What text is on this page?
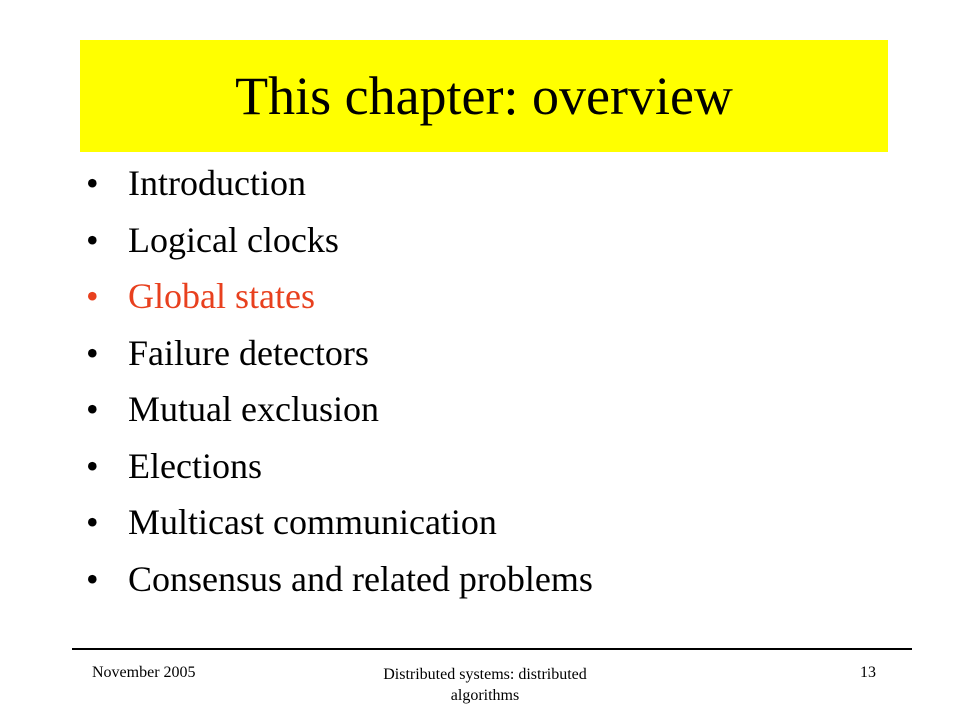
This chapter: overview
• Introduction
• Logical clocks
• Global states
• Failure detectors
• Mutual exclusion
• Elections
• Multicast communication
• Consensus and related problems
November 2005	Distributed systems: distributed algorithms
13
